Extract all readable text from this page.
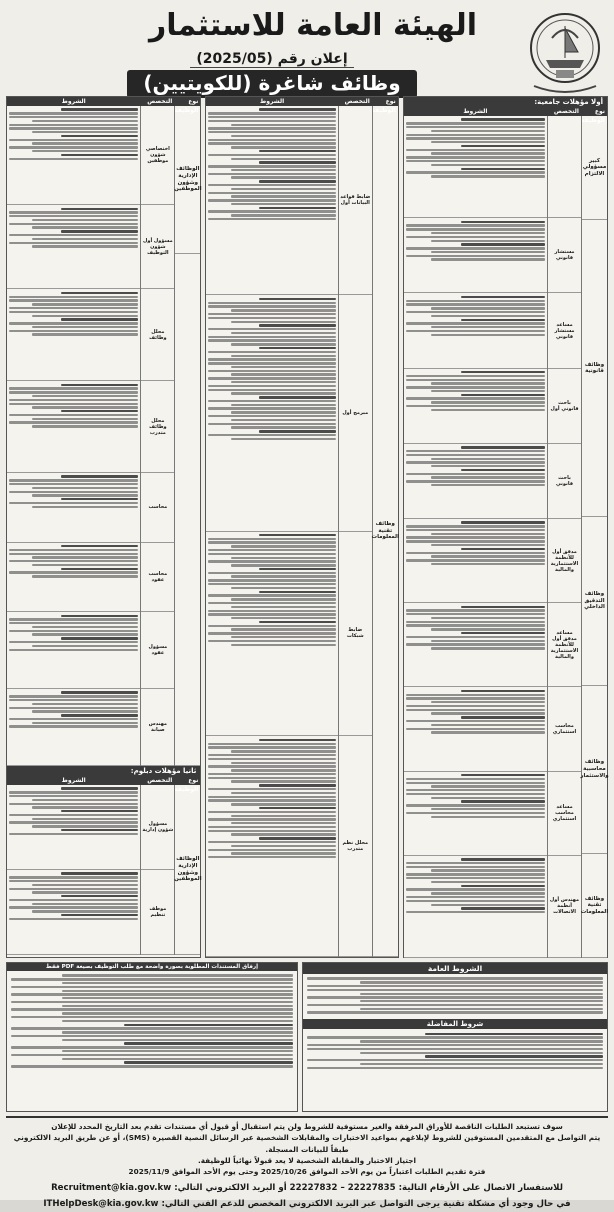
الهيئة العامة للاستثمار
إعلان رقم (2025/05)
وظائف شاغرة (للكويتيين)
أولا مؤهلات جامعية:
نوع الوظيفة
التخصص
الشروط
كبير مسؤولي الالتزام
وظائف قانونية
وظائف التدقيق الداخلي
وظائف محاسبية والاستثمار
وظائف تقنية المعلومات
مستشار قانوني
مساعد مستشار قانوني
باحث قانوني أول
باحث قانوني
مدقق أول للأنظمة الاستثمارية والمالية
مساعد مدقق أول للأنظمة الاستثمارية والمالية
محاسب استثماري
مساعد محاسب استثماري
مهندس أول أنظمة الاتصالات
نوع الوظيفة
التخصص
الشروط
وظائف تقنية المعلومات
ضابط قواعد البيانات أول
مبرمج أول
ضابط شبكات
محلل نظم متدرب
نوع الوظيفة
التخصص
الشروط
الوظائف الإدارية وشؤون الموظفين
اختصاصي شؤون موظفين
مسؤول أول شؤون التوظيف
محلل وظائف
محلل وظائف متدرب
محاسب
محاسب عقود
مسؤول عقود
مهندس صيانة
ثانيا مؤهلات دبلوم:
نوع الوظيفة
التخصص
الشروط
الوظائف الإدارية وشؤون الموظفين
مسؤول شؤون إدارية
موظف تنظيم
الشروط العامة
شروط المفاضلة
إرفاق المستندات المطلوبة بصورة واضحة مع طلب التوظيف بصيغة PDF فقط
سوف تستبعد الطلبات الناقصة للأوراق المرفقة والغير مستوفية للشروط ولن يتم استقبال أو قبول أي مستندات تقدم بعد التاريخ المحدد للإعلان
يتم التواصل مع المتقدمين المستوفين للشروط لإبلاغهم بمواعيد الاختبارات والمقابلات الشخصية عبر الرسائل النصية القصيرة (SMS)، أو عن طريق البريد الالكتروني طبقاً للبيانات المسجلة.
اجتياز الاختبار والمقابلة الشخصية لا يعد قبولاً نهائياً للوظيفة.
فترة تقديم الطلبات اعتباراً من يوم الأحد الموافق 2025/10/26 وحتى يوم الأحد الموافق 2025/11/9
للاستفسار الاتصال على الأرقام التالية: 22227835 – 22227832 أو البريد الالكتروني التالي: Recruitment@kia.gov.kw
في حال وجود أي مشكلة تقنية يرجى التواصل عبر البريد الالكتروني المخصص للدعم الفني التالي: ITHelpDesk@kia.gov.kw
